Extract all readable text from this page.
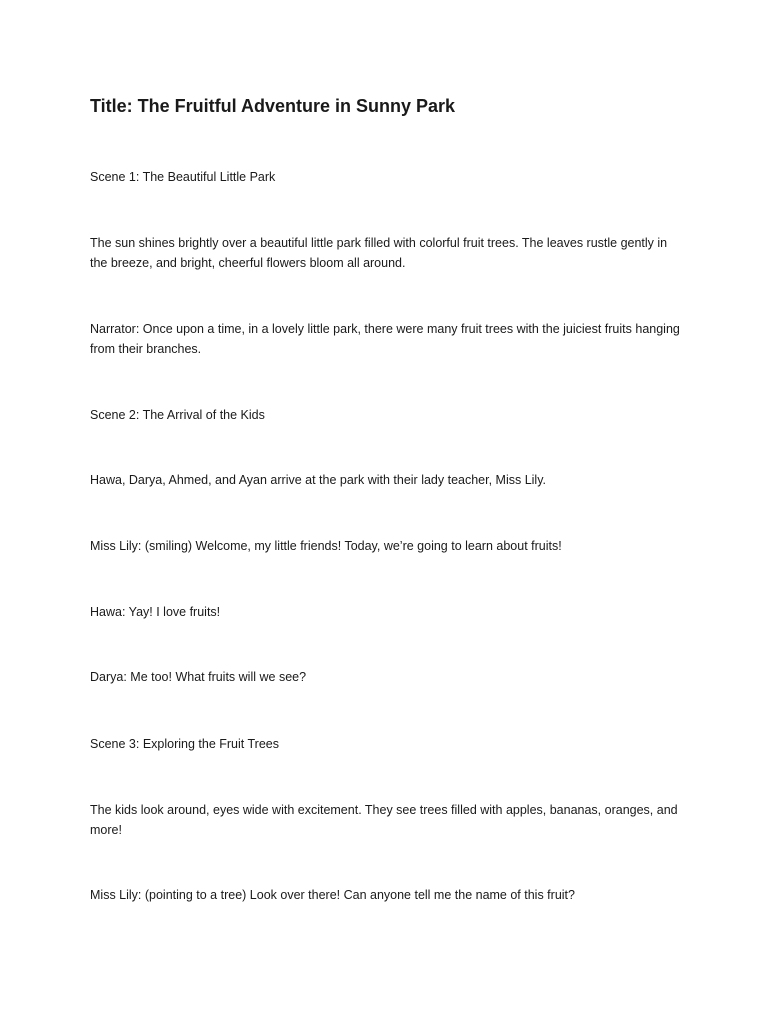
Title: The Fruitful Adventure in Sunny Park

Scene 1: The Beautiful Little Park

The sun shines brightly over a beautiful little park filled with colorful fruit trees. The leaves rustle gently in the breeze, and bright, cheerful flowers bloom all around.

Narrator: Once upon a time, in a lovely little park, there were many fruit trees with the juiciest fruits hanging from their branches.

Scene 2: The Arrival of the Kids

Hawa, Darya, Ahmed, and Ayan arrive at the park with their lady teacher, Miss Lily.

Miss Lily: (smiling) Welcome, my little friends! Today, we’re going to learn about fruits!

Hawa: Yay! I love fruits!

Darya: Me too! What fruits will we see?

Scene 3: Exploring the Fruit Trees

The kids look around, eyes wide with excitement. They see trees filled with apples, bananas, oranges, and more!

Miss Lily: (pointing to a tree) Look over there! Can anyone tell me the name of this fruit?
